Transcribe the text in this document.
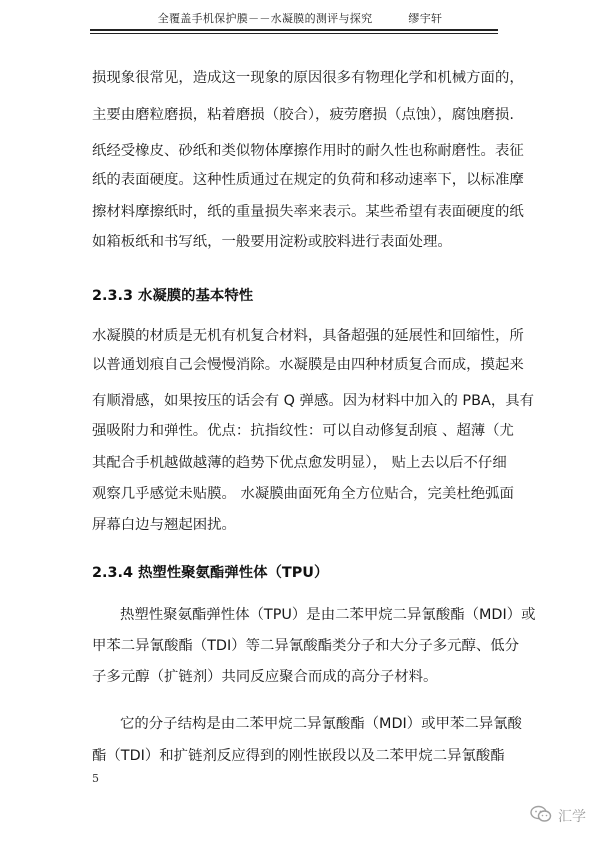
全覆盖手机保护膜－－水凝膜的测评与探究	缪宇轩
损现象很常见，造成这一现象的原因很多有物理化学和机械方面的，
主要由磨粒磨损，粘着磨损（胶合），疲劳磨损（点蚀），腐蚀磨损.
纸经受橡皮、砂纸和类似物体摩擦作用时的耐久性也称耐磨性。表征
纸的表面硬度。这种性质通过在规定的负荷和移动速率下，以标准摩
擦材料摩擦纸时，纸的重量损失率来表示。某些希望有表面硬度的纸
如箱板纸和书写纸，一般要用淀粉或胶料进行表面处理。
2.3.3 水凝膜的基本特性
水凝膜的材质是无机有机复合材料，具备超强的延展性和回缩性，所
以普通划痕自己会慢慢消除。水凝膜是由四种材质复合而成，摸起来
有顺滑感，如果按压的话会有 Q 弹感。因为材料中加入的 PBA，具有
强吸附力和弹性。优点：抗指纹性：可以自动修复刮痕 、超薄（尤
其配合手机越做越薄的趋势下优点愈发明显）， 贴上去以后不仔细
观察几乎感觉未贴膜。 水凝膜曲面死角全方位贴合，完美杜绝弧面
屏幕白边与翘起困扰。
2.3.4 热塑性聚氨酯弹性体（TPU）
热塑性聚氨酯弹性体（TPU）是由二苯甲烷二异氰酸酯（MDI）或
甲苯二异氰酸酯（TDI）等二异氰酸酯类分子和大分子多元醇、低分
子多元醇（扩链剂）共同反应聚合而成的高分子材料。
它的分子结构是由二苯甲烷二异氰酸酯（MDI）或甲苯二异氰酸
酯（TDI）和扩链剂反应得到的刚性嵌段以及二苯甲烷二异氰酸酯
5
汇学
